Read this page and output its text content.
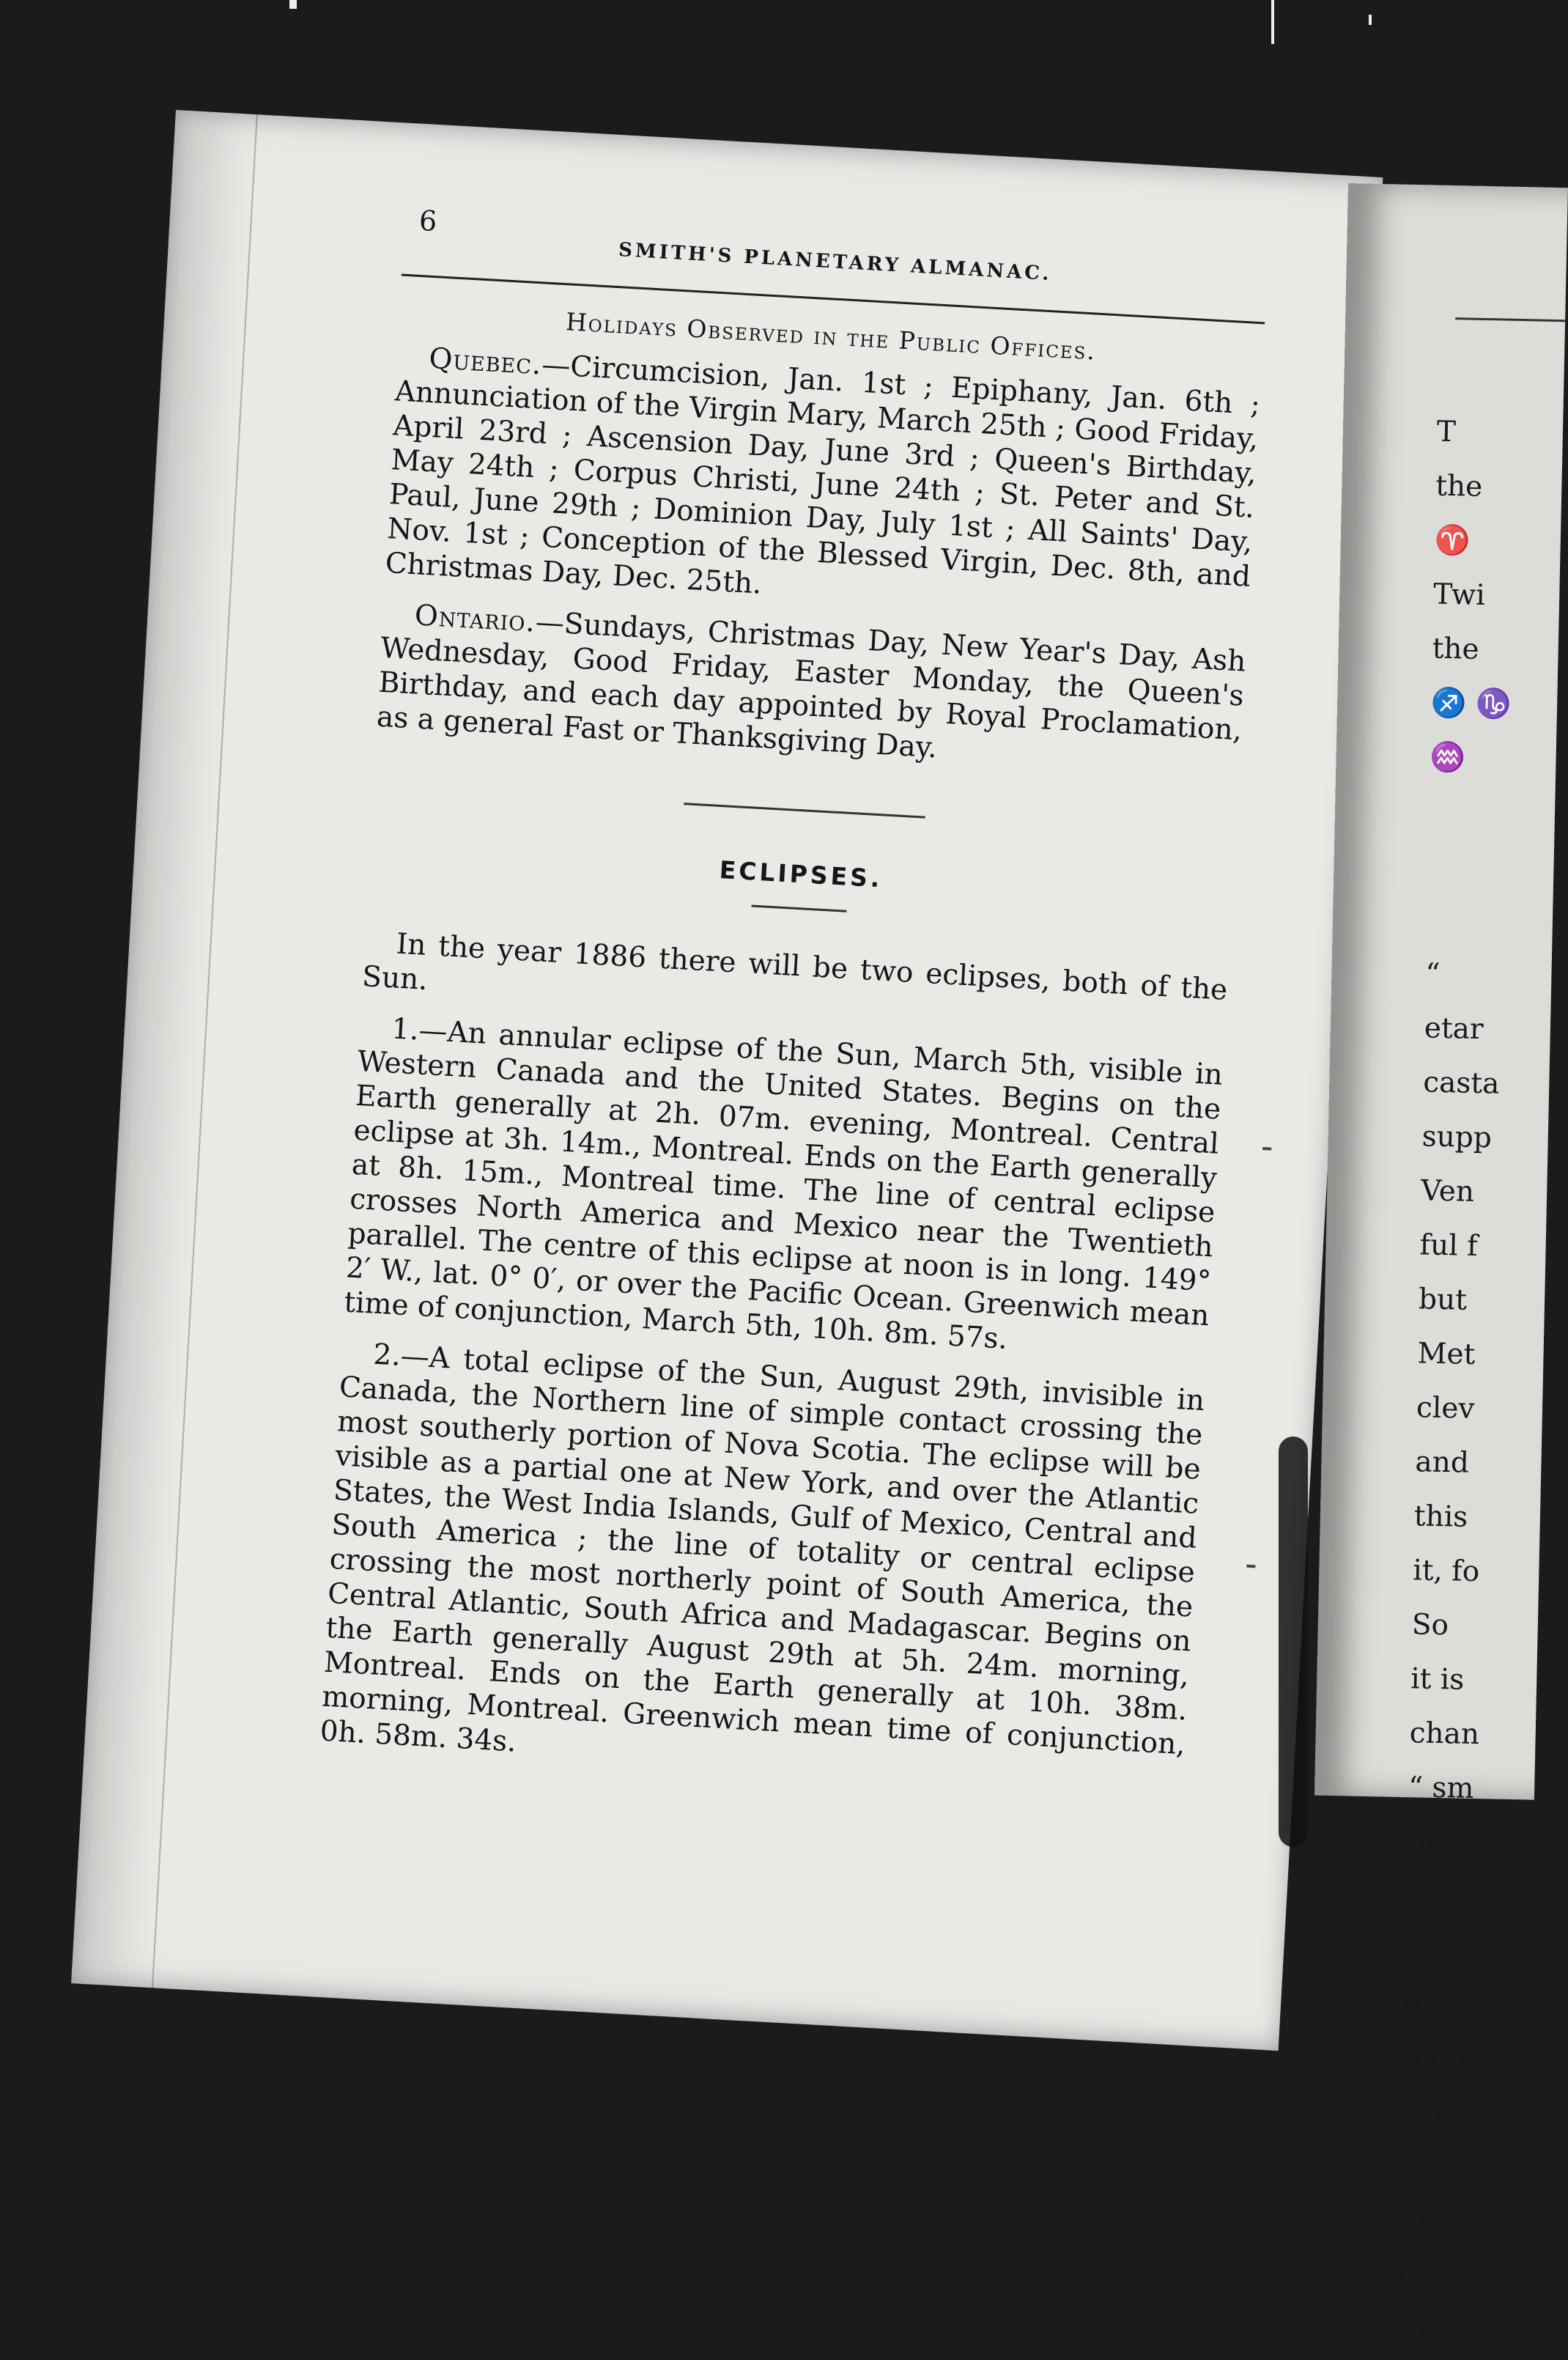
6
SMITH'S PLANETARY ALMANAC.
Holidays Observed in the Public Offices.

Quebec.—Circumcision, Jan. 1st ; Epiphany, Jan. 6th ; Annunciation of the Virgin Mary, March 25th ; Good Friday, April 23rd ; Ascension Day, June 3rd ; Queen's Birthday, May 24th ; Corpus Christi, June 24th ; St. Peter and St. Paul, June 29th ; Dominion Day, July 1st ; All Saints' Day, Nov. 1st ; Conception of the Blessed Virgin, Dec. 8th, and Christmas Day, Dec. 25th.

Ontario.—Sundays, Christmas Day, New Year's Day, Ash Wednesday, Good Friday, Easter Monday, the Queen's Birthday, and each day appointed by Royal Proclamation, as a general Fast or Thanksgiving Day.

ECLIPSES.

In the year 1886 there will be two eclipses, both of the Sun.

1.—An annular eclipse of the Sun, March 5th, visible in Western Canada and the United States. Begins on the Earth generally at 2h. 07m. evening, Montreal. Central eclipse at 3h. 14m., Montreal. Ends on the Earth generally at 8h. 15m., Montreal time. The line of central eclipse crosses North America and Mexico near the Twentieth parallel. The centre of this eclipse at noon is in long. 149° 2′ W., lat. 0° 0′, or over the Pacific Ocean. Greenwich mean time of conjunction, March 5th, 10h. 8m. 57s.

2.—A total eclipse of the Sun, August 29th, invisible in Canada, the Northern line of simple contact crossing the most southerly portion of Nova Scotia. The eclipse will be visible as a partial one at New York, and over the Atlantic States, the West India Islands, Gulf of Mexico, Central and South America ; the line of totality or central eclipse crossing the most northerly point of South America, the Central Atlantic, South Africa and Madagascar. Begins on the Earth generally August 29th at 5h. 24m. morning, Montreal. Ends on the Earth generally at 10h. 38m. morning, Montreal. Greenwich mean time of conjunction, 0h. 58m. 34s.

T
the
♈
Twi
the
♐ ♑
♒
“
etar
casta
supp
Ven
ful f
but
Met
clev
and
this
it, fo
So
it is
chan
“ sm
pure
idea
so lo
grav
ing n
ever
M
little
overt
that
